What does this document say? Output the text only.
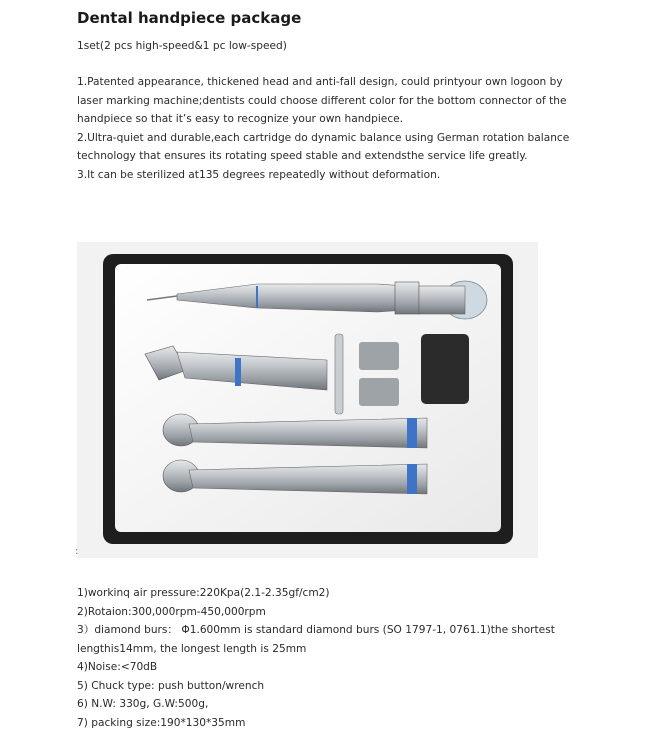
Dental handpiece package
1set(2 pcs high-speed&1 pc low-speed)
1.Patented appearance, thickened head and anti-fall design, could printyour own logoon by
laser marking machine;dentists could choose different color for the bottom connector of the
handpiece so that it’s easy to recognize your own handpiece.
2.Ultra-quiet and durable,each cartridge do dynamic balance using German rotation balance
technology that ensures its rotating speed stable and extendsthe service life greatly.
3.It can be sterilized at135 degrees repeatedly without deformation.
:
1)workinq air pressure:220Kpa(2.1-2.35gf/cm2)
2)Rotaion:300,000rpm-450,000rpm
3）diamond burs： Φ1.600mm is standard diamond burs (SO 1797-1, 0761.1)the shortest
lengthis14mm, the longest length is 25mm
4)Noise:<70dB
5) Chuck type: push button/wrench
6) N.W: 330g, G.W:500g,
7) packing size:190*130*35mm
